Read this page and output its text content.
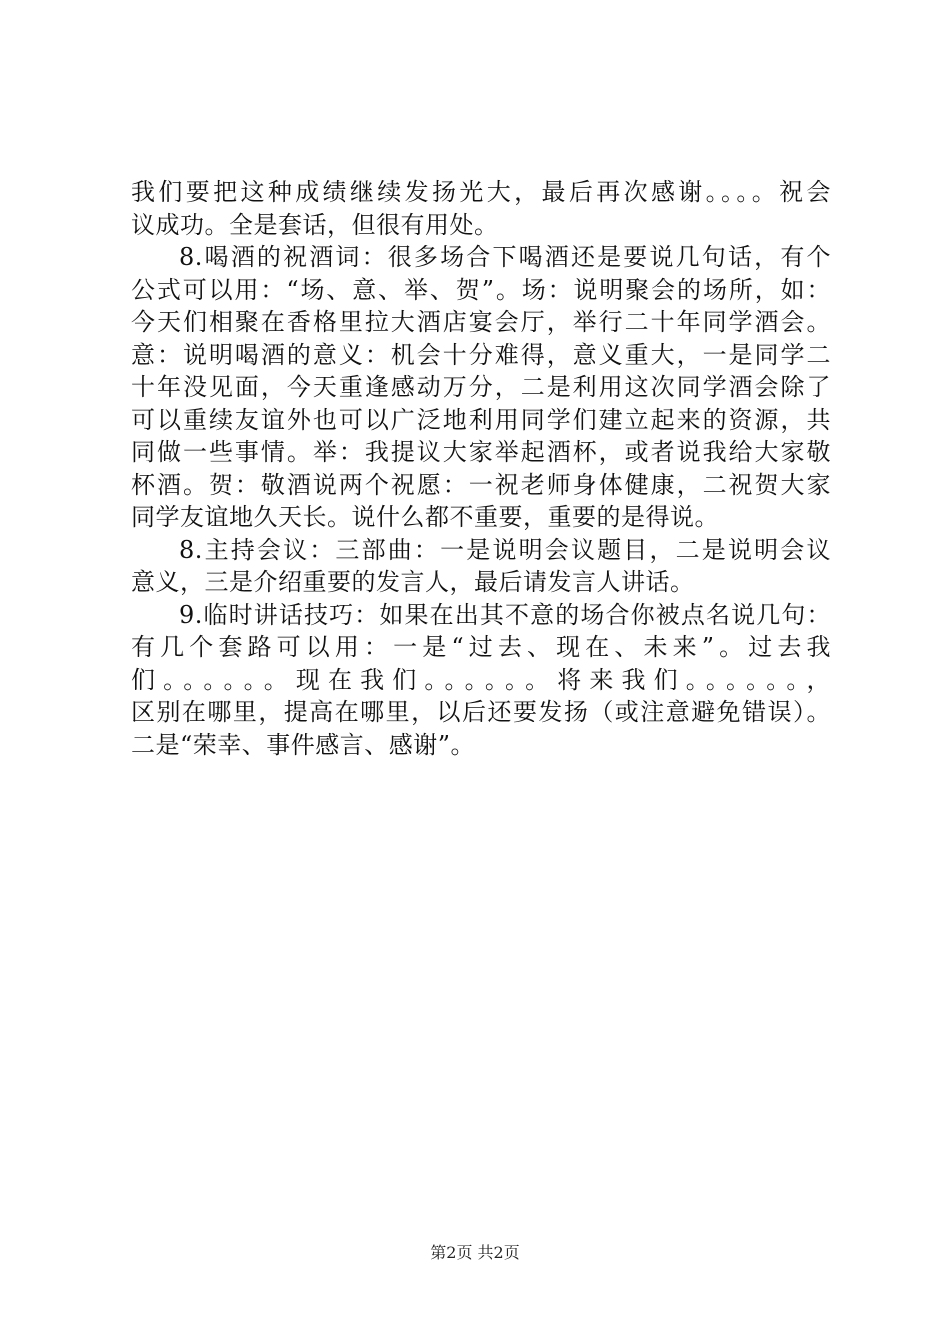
我们要把这种成绩继续发扬光大，最后再次感谢。。。。祝会
议成功。全是套话，但很有用处。
8.喝酒的祝酒词：很多场合下喝酒还是要说几句话，有个
公式可以用：“场、意、举、贺”。场：说明聚会的场所，如：
今天们相聚在香格里拉大酒店宴会厅，举行二十年同学酒会。
意：说明喝酒的意义：机会十分难得，意义重大，一是同学二
十年没见面，今天重逢感动万分，二是利用这次同学酒会除了
可以重续友谊外也可以广泛地利用同学们建立起来的资源，共
同做一些事情。举：我提议大家举起酒杯，或者说我给大家敬
杯酒。贺：敬酒说两个祝愿：一祝老师身体健康，二祝贺大家
同学友谊地久天长。说什么都不重要，重要的是得说。
8.主持会议：三部曲：一是说明会议题目，二是说明会议
意义，三是介绍重要的发言人，最后请发言人讲话。
9.临时讲话技巧：如果在出其不意的场合你被点名说几句：
有几个套路可以用：一是“过去、现在、未来”。过去我
们。。。。。。现在我们。。。。。。将来我们。。。。。。，
区别在哪里，提高在哪里，以后还要发扬（或注意避免错误）。
二是“荣幸、事件感言、感谢”。
第2页 共2页
